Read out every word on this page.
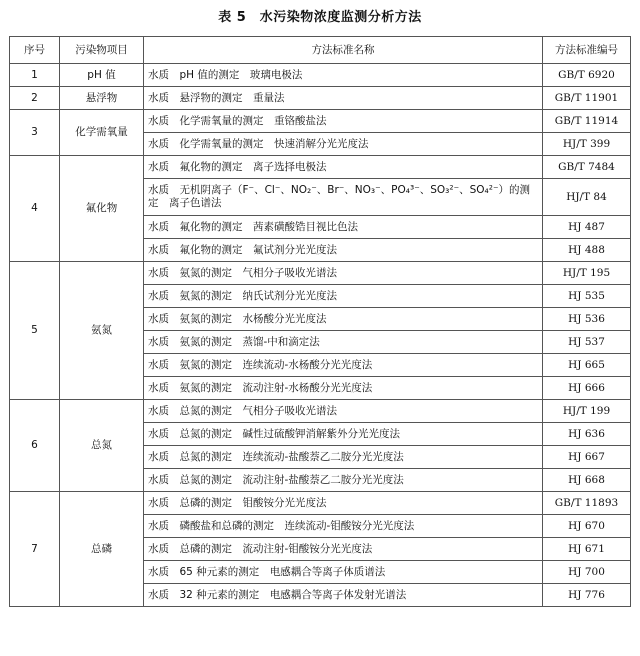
表 5　水污染物浓度监测分析方法
序号	污染物项目	方法标准名称	方法标准编号
1	pH 值	水质　pH 值的测定　玻璃电极法	GB/T 6920
2	悬浮物	水质　悬浮物的测定　重量法	GB/T 11901
3	化学需氧量	水质　化学需氧量的测定　重铬酸盐法	GB/T 11914
		水质　化学需氧量的测定　快速消解分光光度法	HJ/T 399
4	氟化物	水质　氟化物的测定　离子选择电极法	GB/T 7484
		水质　无机阴离子（F⁻、Cl⁻、NO₂⁻、Br⁻、NO₃⁻、PO₄³⁻、SO₃²⁻、SO₄²⁻）的测定　离子色谱法	HJ/T 84
		水质　氟化物的测定　茜素磺酸锆目视比色法	HJ 487
		水质　氟化物的测定　氟试剂分光光度法	HJ 488
5	氨氮	水质　氨氮的测定　气相分子吸收光谱法	HJ/T 195
		水质　氨氮的测定　纳氏试剂分光光度法	HJ 535
		水质　氨氮的测定　水杨酸分光光度法	HJ 536
		水质　氨氮的测定　蒸馏-中和滴定法	HJ 537
		水质　氨氮的测定　连续流动-水杨酸分光光度法	HJ 665
		水质　氨氮的测定　流动注射-水杨酸分光光度法	HJ 666
6	总氮	水质　总氮的测定　气相分子吸收光谱法	HJ/T 199
		水质　总氮的测定　碱性过硫酸钾消解紫外分光光度法	HJ 636
		水质　总氮的测定　连续流动-盐酸萘乙二胺分光光度法	HJ 667
		水质　总氮的测定　流动注射-盐酸萘乙二胺分光光度法	HJ 668
7	总磷	水质　总磷的测定　钼酸铵分光光度法	GB/T 11893
		水质　磷酸盐和总磷的测定　连续流动-钼酸铵分光光度法	HJ 670
		水质　总磷的测定　流动注射-钼酸铵分光光度法	HJ 671
		水质　65 种元素的测定　电感耦合等离子体质谱法	HJ 700
		水质　32 种元素的测定　电感耦合等离子体发射光谱法	HJ 776
